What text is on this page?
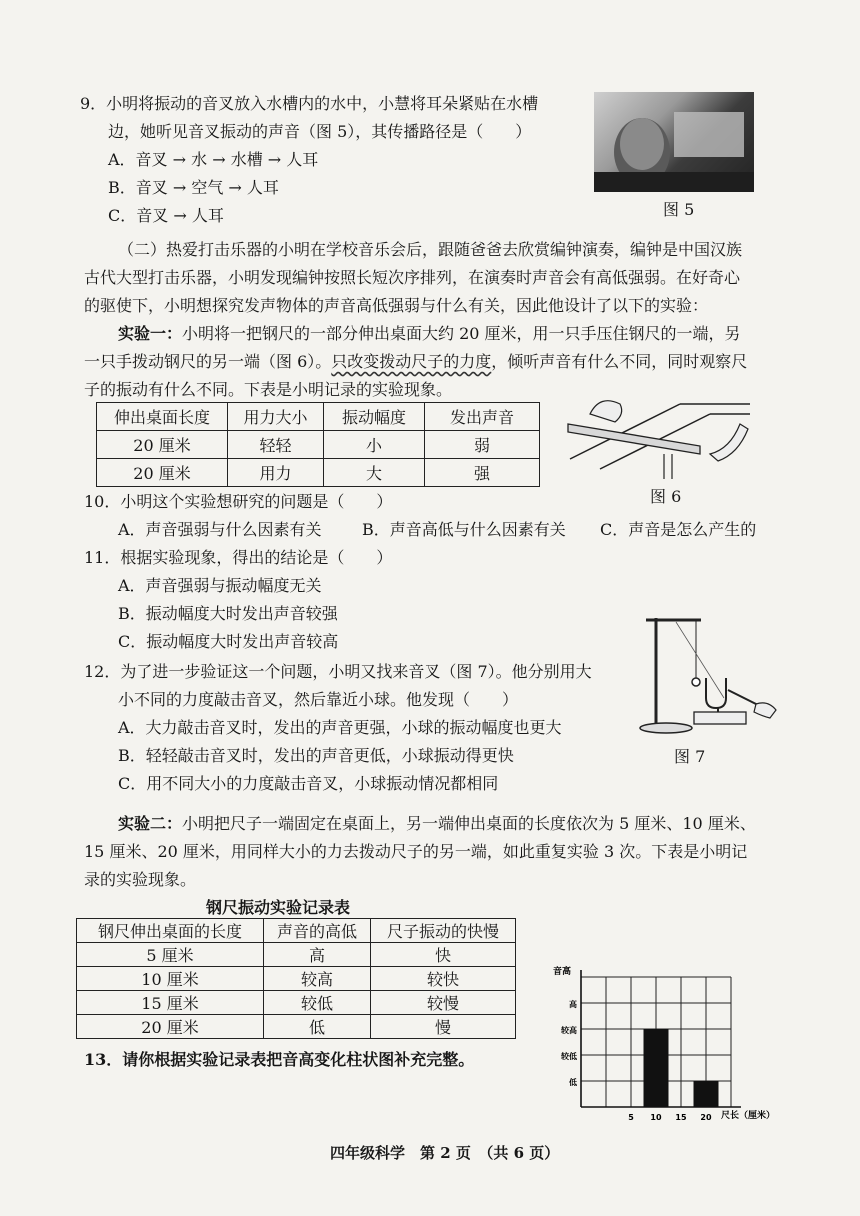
9．小明将振动的音叉放入水槽内的水中，小慧将耳朵紧贴在水槽
边，她听见音叉振动的声音（图 5），其传播路径是（　　）
A．音叉 → 水 → 水槽 → 人耳
B．音叉 → 空气 → 人耳
C．音叉 → 人耳	图 5
（二）热爱打击乐器的小明在学校音乐会后，跟随爸爸去欣赏编钟演奏，编钟是中国汉族
古代大型打击乐器，小明发现编钟按照长短次序排列，在演奏时声音会有高低强弱。在好奇心
的驱使下，小明想探究发声物体的声音高低强弱与什么有关，因此他设计了以下的实验：
实验一：小明将一把钢尺的一部分伸出桌面大约 20 厘米，用一只手压住钢尺的一端，另
一只手拨动钢尺的另一端（图 6）。只改变拨动尺子的力度，倾听声音有什么不同，同时观察尺
子的振动有什么不同。下表是小明记录的实验现象。
伸出桌面长度	用力大小	振动幅度	发出声音
20 厘米	轻轻	小	弱
20 厘米	用力	大	强
图 6
10．小明这个实验想研究的问题是（　　）
A．声音强弱与什么因素有关	B．声音高低与什么因素有关 C．声音是怎么产生的
11．根据实验现象，得出的结论是（　　）
A．声音强弱与振动幅度无关
B．振动幅度大时发出声音较强
C．振动幅度大时发出声音较高
12．为了进一步验证这一个问题，小明又找来音叉（图 7）。他分别用大
小不同的力度敲击音叉，然后靠近小球。他发现（　　）
A．大力敲击音叉时，发出的声音更强，小球的振动幅度也更大
B．轻轻敲击音叉时，发出的声音更低，小球振动得更快
C．用不同大小的力度敲击音叉，小球振动情况都相同
图 7
实验二：小明把尺子一端固定在桌面上，另一端伸出桌面的长度依次为 5 厘米、10 厘米、
15 厘米、20 厘米，用同样大小的力去拨动尺子的另一端，如此重复实验 3 次。下表是小明记
录的实验现象。
钢尺振动实验记录表
钢尺伸出桌面的长度	声音的高低	尺子振动的快慢
5 厘米	高	快
10 厘米	较高	较快
15 厘米	较低	较慢
20 厘米	低	慢
13．请你根据实验记录表把音高变化柱状图补充完整。
音高
尺长（厘米）
低
较低
较高
高
5 10 15 20
四年级科学　第 2 页　（共 6 页）
